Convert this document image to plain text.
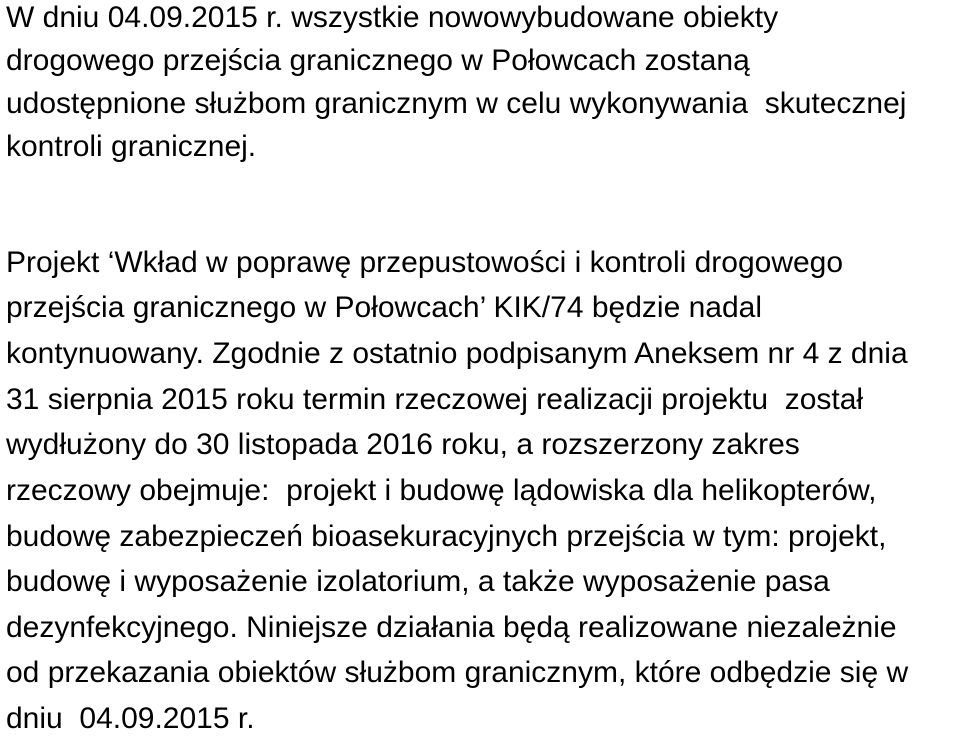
W dniu 04.09.2015 r. wszystkie nowowybudowane obiekty
drogowego przejścia granicznego w Połowcach zostaną
udostępnione służbom granicznym w celu wykonywania  skutecznej
kontroli granicznej.
Projekt ‘Wkład w poprawę przepustowości i kontroli drogowego
przejścia granicznego w Połowcach’ KIK/74 będzie nadal
kontynuowany. Zgodnie z ostatnio podpisanym Aneksem nr 4 z dnia
31 sierpnia 2015 roku termin rzeczowej realizacji projektu  został
wydłużony do 30 listopada 2016 roku, a rozszerzony zakres
rzeczowy obejmuje:  projekt i budowę lądowiska dla helikopterów,
budowę zabezpieczeń bioasekuracyjnych przejścia w tym: projekt,
budowę i wyposażenie izolatorium, a także wyposażenie pasa
dezynfekcyjnego. Niniejsze działania będą realizowane niezależnie
od przekazania obiektów służbom granicznym, które odbędzie się w
dniu  04.09.2015 r.
